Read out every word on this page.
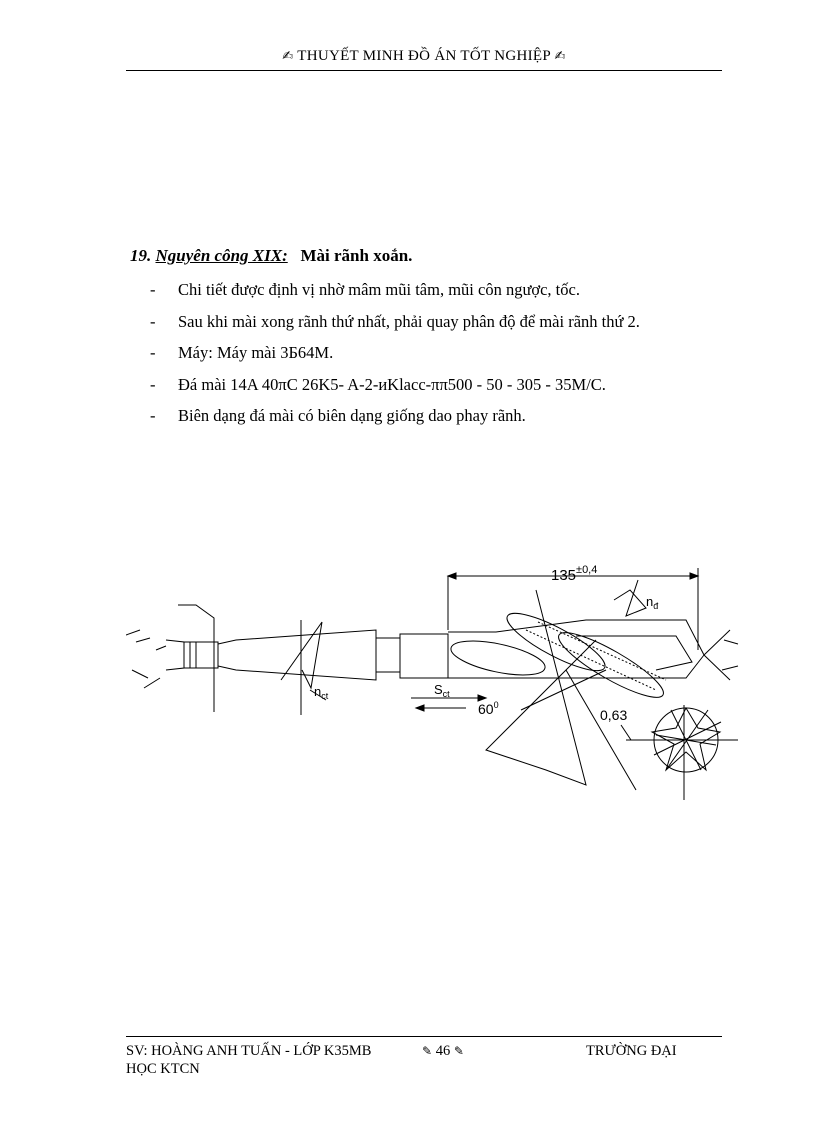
✍ THUYẾT MINH ĐỒ ÁN TỐT NGHIỆP ✍
19. Nguyên công XIX: Mài rãnh xoắn.
- Chi tiết được định vị nhờ mâm mũi tâm, mũi côn ngược, tốc.
- Sau khi mài xong rãnh thứ nhất, phải quay phân độ để mài rãnh thứ 2.
- Máy: Máy mài 3Б64M.
- Đá mài 14A 40πC 26K5- A-2-иKlacc-ππ500 - 50 - 305 - 35M/C.
- Biên dạng đá mài có biên dạng giống dao phay rãnh.
$135^{\pm 0,4}$
$n_đ$
$n_{ct}$	$S_{ct}$
$60^0$
0,63
SV: HOÀNG ANH TUẤN - LỚP K35MB	✎ 46 ✎	TRƯỜNG ĐẠI
HỌC KTCN
